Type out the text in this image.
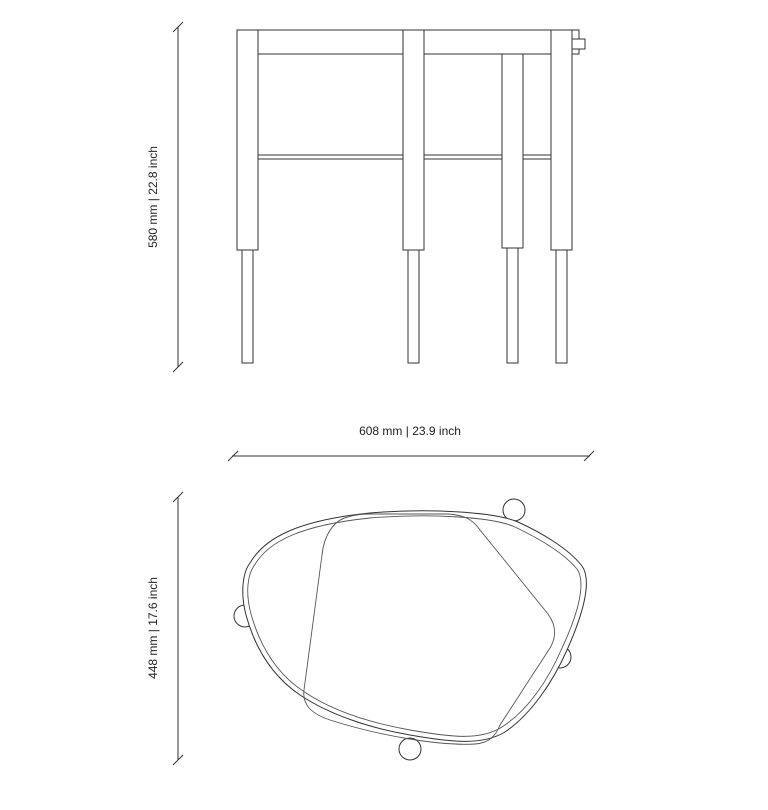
580 mm | 22.8 inch
608 mm | 23.9 inch
448 mm | 17.6 inch
